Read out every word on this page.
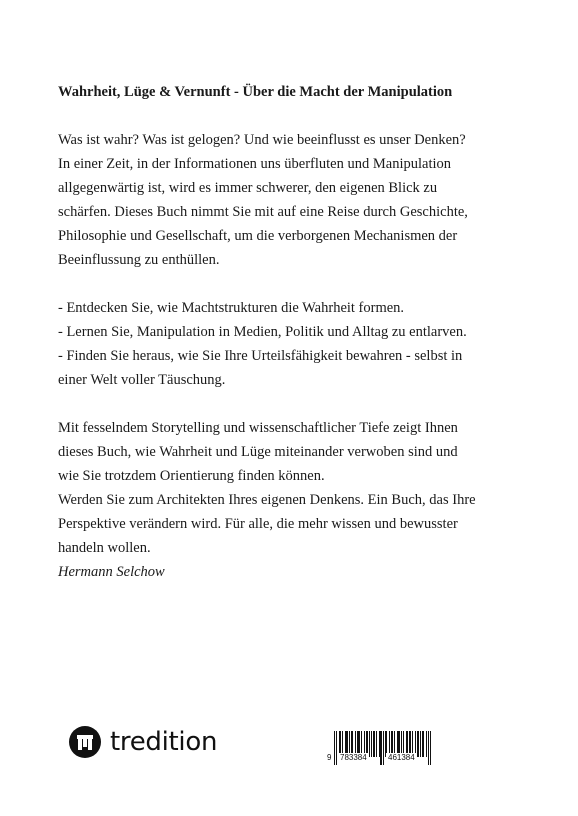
Wahrheit, Lüge & Vernunft - Über die Macht der Manipulation

Was ist wahr? Was ist gelogen? Und wie beeinflusst es unser Denken?

In einer Zeit, in der Informationen uns überfluten und Manipulation

allgegenwärtig ist, wird es immer schwerer, den eigenen Blick zu

schärfen. Dieses Buch nimmt Sie mit auf eine Reise durch Geschichte,

Philosophie und Gesellschaft, um die verborgenen Mechanismen der

Beeinflussung zu enthüllen.

- Entdecken Sie, wie Machtstrukturen die Wahrheit formen.

- Lernen Sie, Manipulation in Medien, Politik und Alltag zu entlarven.

- Finden Sie heraus, wie Sie Ihre Urteilsfähigkeit bewahren - selbst in

einer Welt voller Täuschung.

Mit fesselndem Storytelling und wissenschaftlicher Tiefe zeigt Ihnen

dieses Buch, wie Wahrheit und Lüge miteinander verwoben sind und

wie Sie trotzdem Orientierung finden können.

Werden Sie zum Architekten Ihres eigenen Denkens. Ein Buch, das Ihre

Perspektive verändern wird. Für alle, die mehr wissen und bewusster

handeln wollen.

Hermann Selchow

tredition
9 783384	461384
